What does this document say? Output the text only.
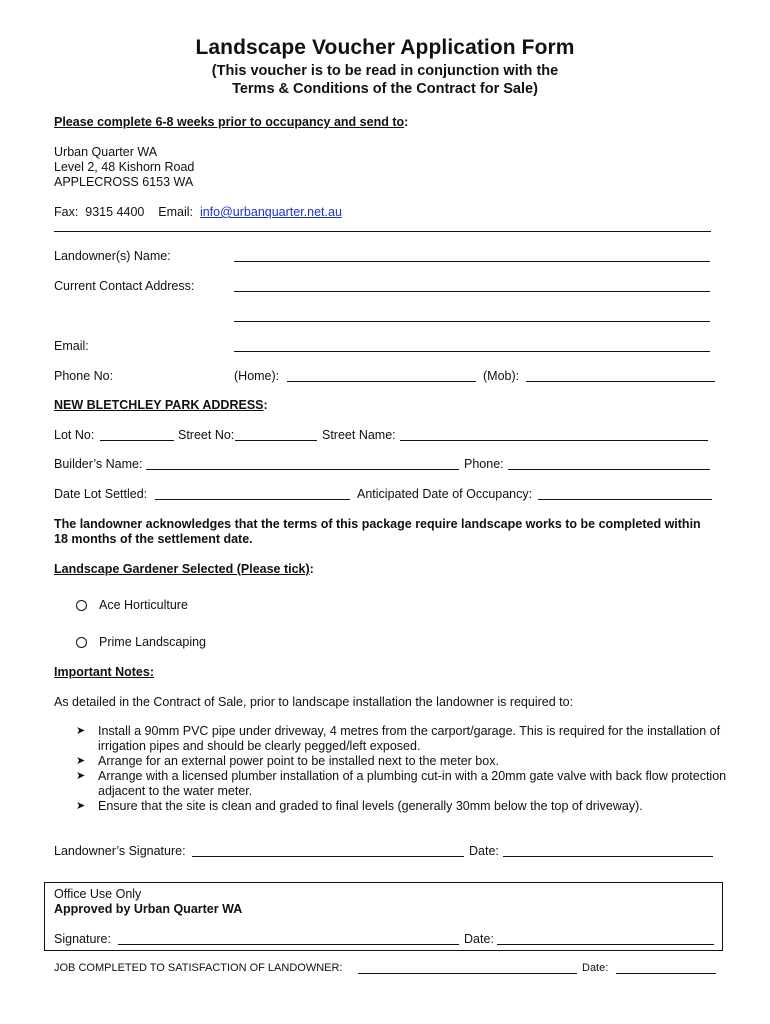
Landscape Voucher Application Form
(This voucher is to be read in conjunction with the
Terms & Conditions of the Contract for Sale)
Please complete 6-8 weeks prior to occupancy and send to:
Urban Quarter WA
Level 2, 48 Kishorn Road
APPLECROSS 6153 WA
Fax: 9315 4400 Email: info@urbanquarter.net.au
Landowner(s) Name:
Current Contact Address:
Email:
Phone No:	(Home):	(Mob):
NEW BLETCHLEY PARK ADDRESS:
Lot No:	Street No:	Street Name:
Builder’s Name:	Phone:
Date Lot Settled:	Anticipated Date of Occupancy:
The landowner acknowledges that the terms of this package require landscape works to be completed within
18 months of the settlement date.
Landscape Gardener Selected (Please tick):
Ace Horticulture
Prime Landscaping
Important Notes:
As detailed in the Contract of Sale, prior to landscape installation the landowner is required to:
➤ Install a 90mm PVC pipe under driveway, 4 metres from the carport/garage. This is required for the installation of irrigation pipes and should be clearly pegged/left exposed.
➤ Arrange for an external power point to be installed next to the meter box.
➤ Arrange with a licensed plumber installation of a plumbing cut-in with a 20mm gate valve with back flow protection adjacent to the water meter.
➤ Ensure that the site is clean and graded to final levels (generally 30mm below the top of driveway).
Landowner’s Signature:	Date:
Office Use Only
Approved by Urban Quarter WA
Signature:	Date:
JOB COMPLETED TO SATISFACTION OF LANDOWNER:	Date:
